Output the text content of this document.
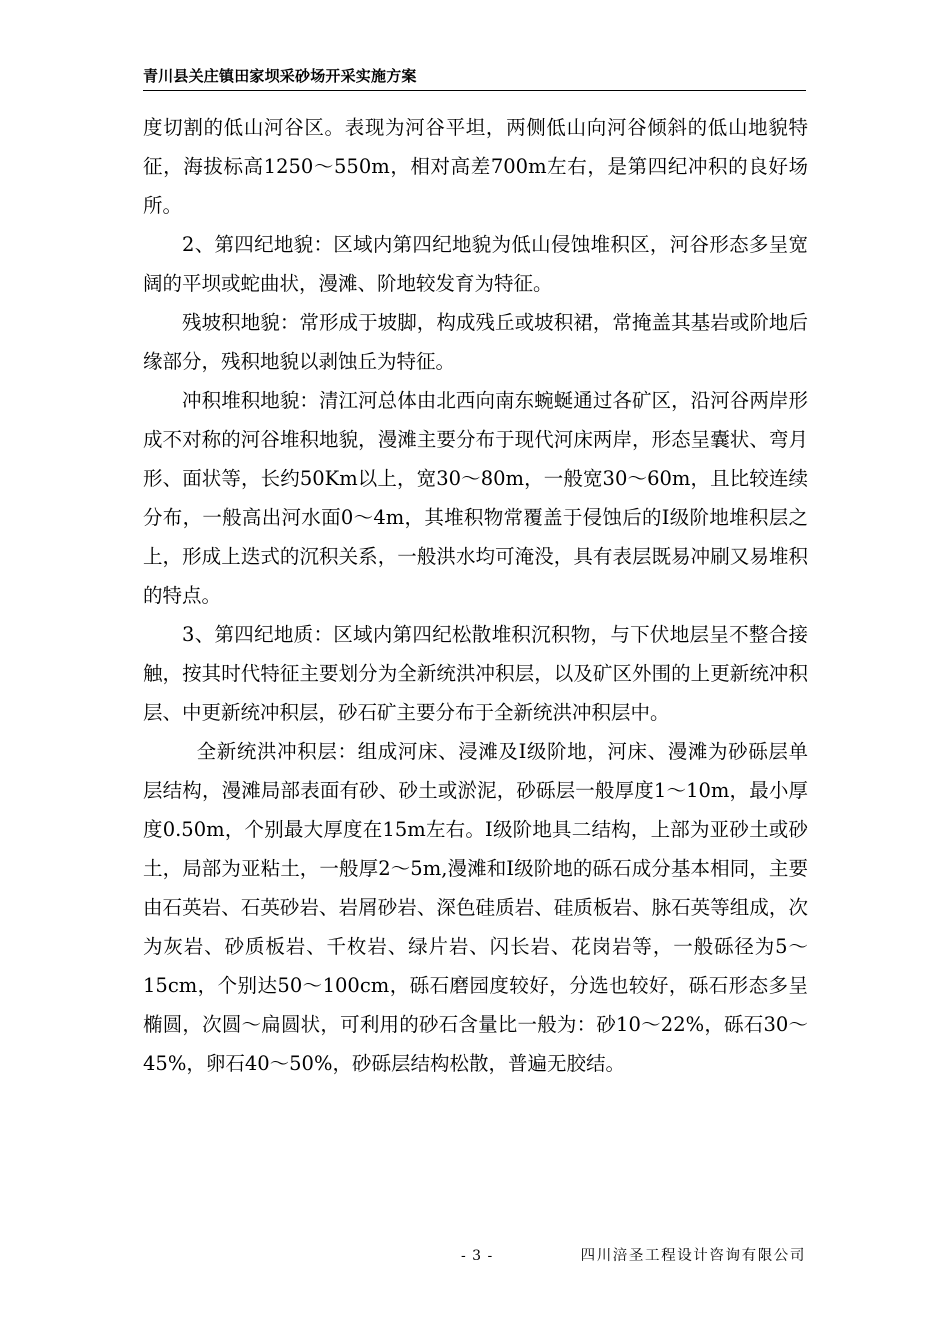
青川县关庄镇田家坝采砂场开采实施方案

度切割的低山河谷区。表现为河谷平坦，两侧低山向河谷倾斜的低山地貌特征，海拔标高1250～550m，相对高差700m左右，是第四纪冲积的良好场所。

2、第四纪地貌：区域内第四纪地貌为低山侵蚀堆积区，河谷形态多呈宽阔的平坝或蛇曲状，漫滩、阶地较发育为特征。

残坡积地貌：常形成于坡脚，构成残丘或坡积裙，常掩盖其基岩或阶地后缘部分，残积地貌以剥蚀丘为特征。

冲积堆积地貌：清江河总体由北西向南东蜿蜒通过各矿区，沿河谷两岸形成不对称的河谷堆积地貌，漫滩主要分布于现代河床两岸，形态呈囊状、弯月形、面状等，长约50Km以上，宽30～80m，一般宽30～60m，且比较连续分布，一般高出河水面0～4m，其堆积物常覆盖于侵蚀后的Ⅰ级阶地堆积层之上，形成上迭式的沉积关系，一般洪水均可淹没，具有表层既易冲刷又易堆积的特点。

3、第四纪地质：区域内第四纪松散堆积沉积物，与下伏地层呈不整合接触，按其时代特征主要划分为全新统洪冲积层，以及矿区外围的上更新统冲积层、中更新统冲积层，砂石矿主要分布于全新统洪冲积层中。

全新统洪冲积层：组成河床、浸滩及Ⅰ级阶地，河床、漫滩为砂砾层单层结构，漫滩局部表面有砂、砂土或淤泥，砂砾层一般厚度1～10m，最小厚度0.50m，个别最大厚度在15m左右。Ⅰ级阶地具二结构，上部为亚砂土或砂土，局部为亚粘土，一般厚2～5m,漫滩和Ⅰ级阶地的砾石成分基本相同，主要由石英岩、石英砂岩、岩屑砂岩、深色硅质岩、硅质板岩、脉石英等组成，次为灰岩、砂质板岩、千枚岩、绿片岩、闪长岩、花岗岩等，一般砾径为5～15cm，个别达50～100cm，砾石磨园度较好，分选也较好，砾石形态多呈椭圆，次圆～扁圆状，可利用的砂石含量比一般为：砂10～22%，砾石30～45%，卵石40～50%，砂砾层结构松散，普遍无胶结。

- 3 -	四川涪圣工程设计咨询有限公司
